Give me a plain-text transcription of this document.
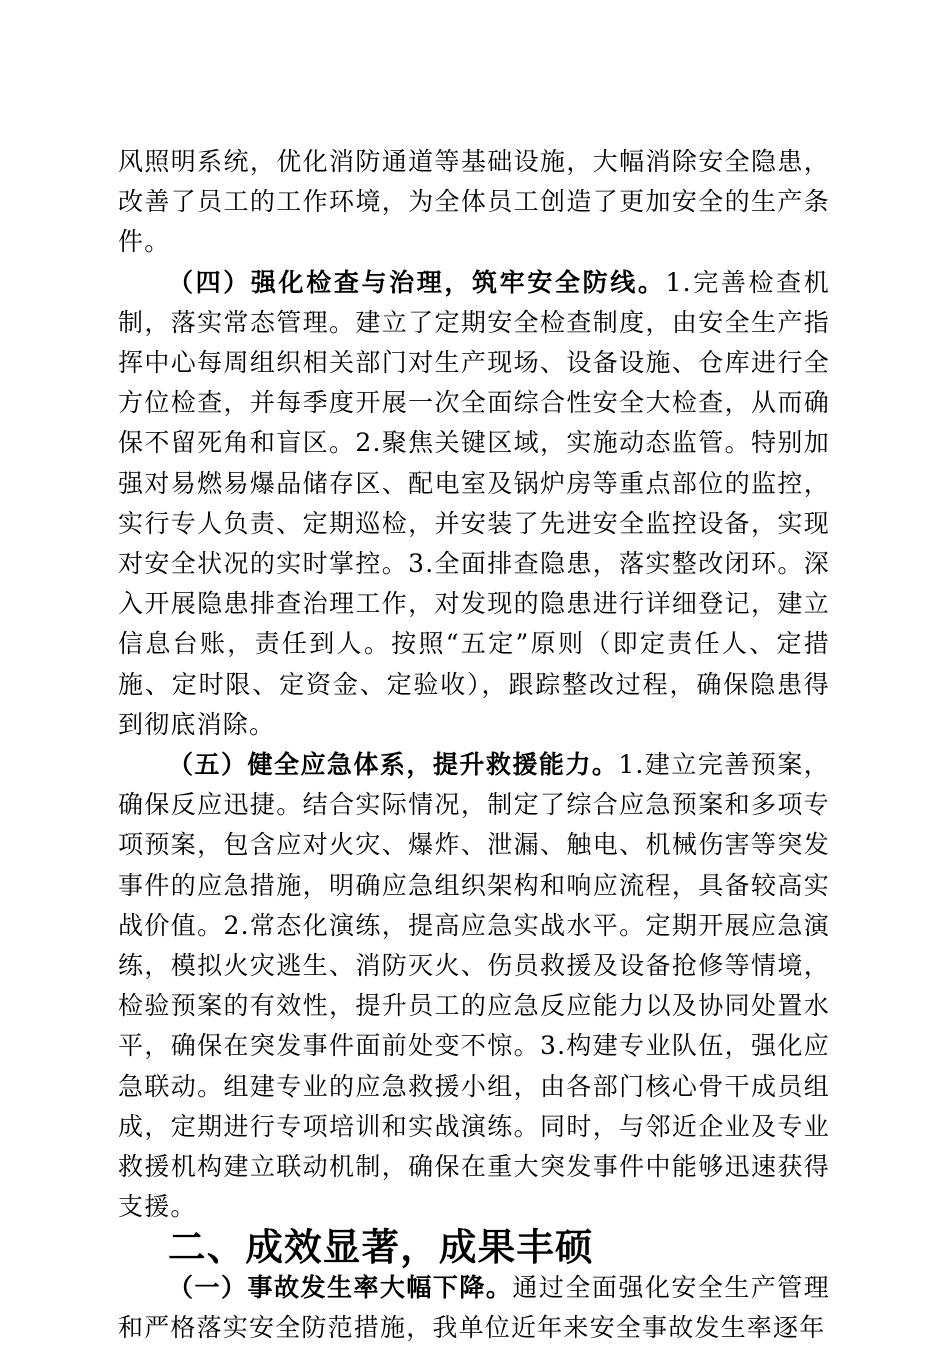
风照明系统，优化消防通道等基础设施，大幅消除安全隐患，改善了员工的工作环境，为全体员工创造了更加安全的生产条件。

（四）强化检查与治理，筑牢安全防线。1.完善检查机制，落实常态管理。建立了定期安全检查制度，由安全生产指挥中心每周组织相关部门对生产现场、设备设施、仓库进行全方位检查，并每季度开展一次全面综合性安全大检查，从而确保不留死角和盲区。2.聚焦关键区域，实施动态监管。特别加强对易燃易爆品储存区、配电室及锅炉房等重点部位的监控，实行专人负责、定期巡检，并安装了先进安全监控设备，实现对安全状况的实时掌控。3.全面排查隐患，落实整改闭环。深入开展隐患排查治理工作，对发现的隐患进行详细登记，建立信息台账，责任到人。按照“五定”原则（即定责任人、定措施、定时限、定资金、定验收），跟踪整改过程，确保隐患得到彻底消除。

（五）健全应急体系，提升救援能力。1.建立完善预案，确保反应迅捷。结合实际情况，制定了综合应急预案和多项专项预案，包含应对火灾、爆炸、泄漏、触电、机械伤害等突发事件的应急措施，明确应急组织架构和响应流程，具备较高实战价值。2.常态化演练，提高应急实战水平。定期开展应急演练，模拟火灾逃生、消防灭火、伤员救援及设备抢修等情境，检验预案的有效性，提升员工的应急反应能力以及协同处置水平，确保在突发事件面前处变不惊。3.构建专业队伍，强化应急联动。组建专业的应急救援小组，由各部门核心骨干成员组成，定期进行专项培训和实战演练。同时，与邻近企业及专业救援机构建立联动机制，确保在重大突发事件中能够迅速获得支援。

二、成效显著，成果丰硕

（一）事故发生率大幅下降。通过全面强化安全生产管理和严格落实安全防范措施，我单位近年来安全事故发生率逐年
